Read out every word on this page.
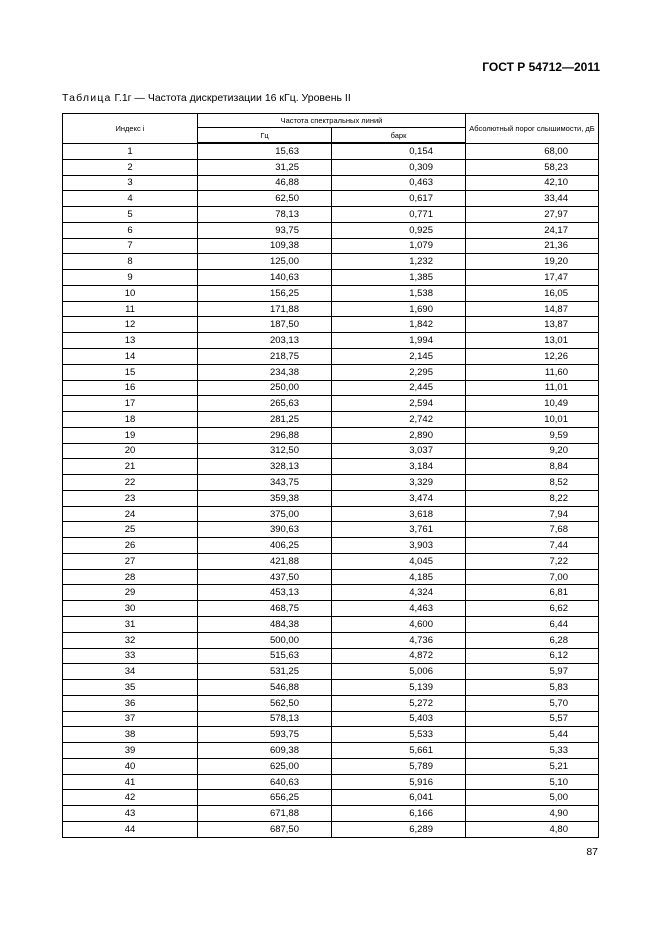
ГОСТ Р 54712—2011
Таблица Г.1г — Частота дискретизации 16 кГц. Уровень II
Индекс i	Частота спектральных линий		Абсолютный порог слышимости, дБ
	Гц	барк	
1	15,63	0,154	68,00
2	31,25	0,309	58,23
3	46,88	0,463	42,10
4	62,50	0,617	33,44
5	78,13	0,771	27,97
6	93,75	0,925	24,17
7	109,38	1,079	21,36
8	125,00	1,232	19,20
9	140,63	1,385	17,47
10	156,25	1,538	16,05
11	171,88	1,690	14,87
12	187,50	1,842	13,87
13	203,13	1,994	13,01
14	218,75	2,145	12,26
15	234,38	2,295	11,60
16	250,00	2,445	11,01
17	265,63	2,594	10,49
18	281,25	2,742	10,01
19	296,88	2,890	9,59
20	312,50	3,037	9,20
21	328,13	3,184	8,84
22	343,75	3,329	8,52
23	359,38	3,474	8,22
24	375,00	3,618	7,94
25	390,63	3,761	7,68
26	406,25	3,903	7,44
27	421,88	4,045	7,22
28	437,50	4,185	7,00
29	453,13	4,324	6,81
30	468,75	4,463	6,62
31	484,38	4,600	6,44
32	500,00	4,736	6,28
33	515,63	4,872	6,12
34	531,25	5,006	5,97
35	546,88	5,139	5,83
36	562,50	5,272	5,70
37	578,13	5,403	5,57
38	593,75	5,533	5,44
39	609,38	5,661	5,33
40	625,00	5,789	5,21
41	640,63	5,916	5,10
42	656,25	6,041	5,00
43	671,88	6,166	4,90
44	687,50	6,289	4,80
87
